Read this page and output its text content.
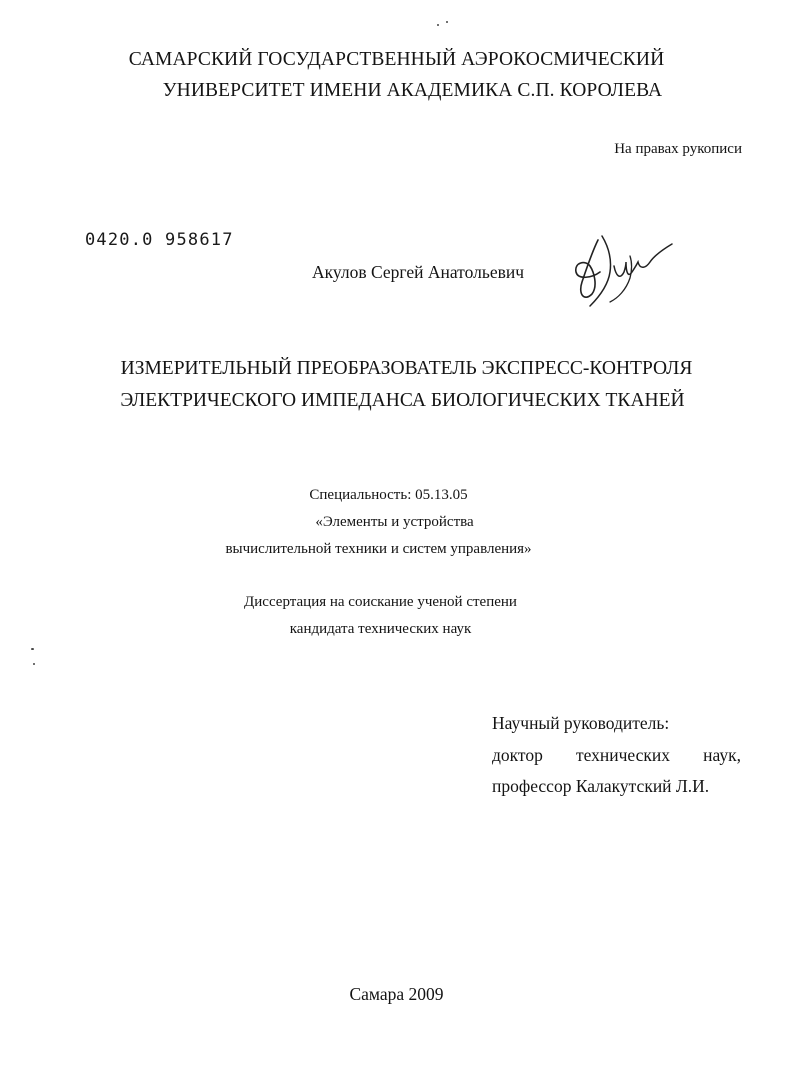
САМАРСКИЙ ГОСУДАРСТВЕННЫЙ АЭРОКОСМИЧЕСКИЙ
УНИВЕРСИТЕТ ИМЕНИ АКАДЕМИКА С.П. КОРОЛЕВА
На правах рукописи
0420.0 958617
Акулов Сергей Анатольевич
ИЗМЕРИТЕЛЬНЫЙ ПРЕОБРАЗОВАТЕЛЬ ЭКСПРЕСС-КОНТРОЛЯ
ЭЛЕКТРИЧЕСКОГО ИМПЕДАНСА БИОЛОГИЧЕСКИХ ТКАНЕЙ
Специальность: 05.13.05
«Элементы и устройства
вычислительной техники и систем управления»
Диссертация на соискание ученой степени
кандидата технических наук
Научный руководитель:
доктор технических наук,
профессор Калакутский Л.И.
Самара 2009
